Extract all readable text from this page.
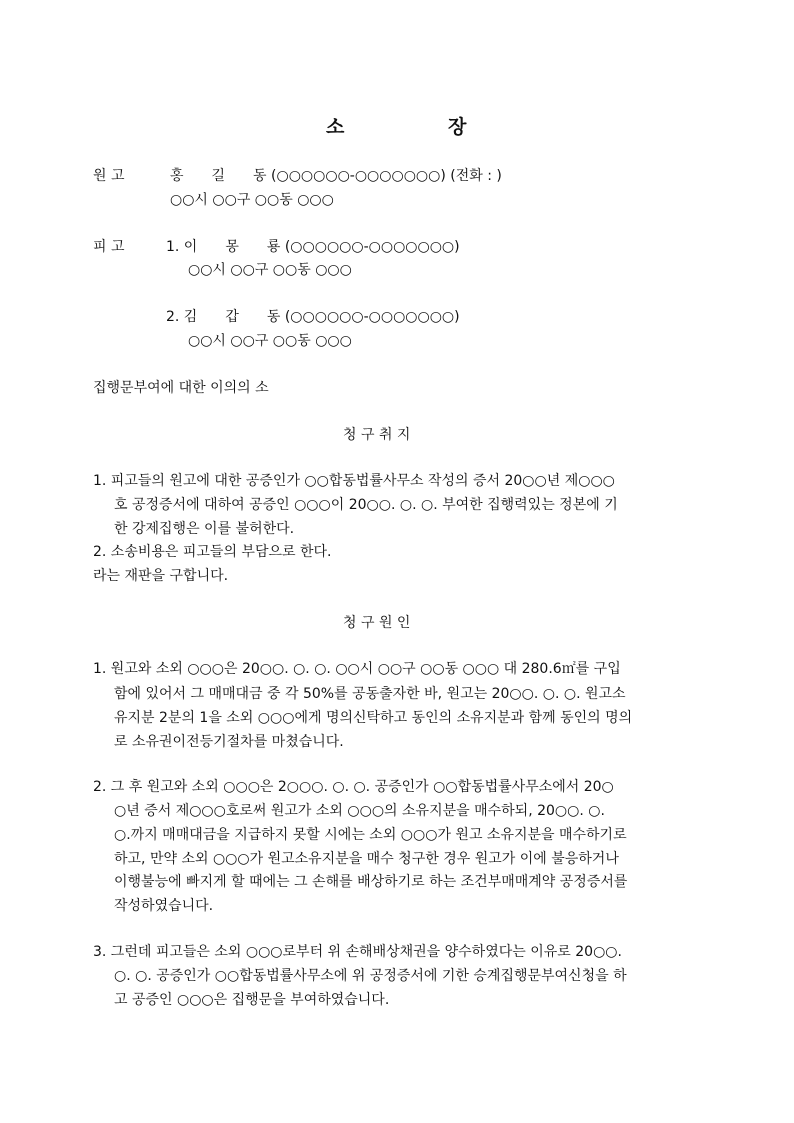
소	장
원 고	홍　　길　　동 (○○○○○○-○○○○○○○) (전화 : )
○○시 ○○구 ○○동 ○○○
피 고	1. 이　　몽　　룡 (○○○○○○-○○○○○○○)
○○시 ○○구 ○○동 ○○○
2. 김　　갑　　동 (○○○○○○-○○○○○○○)
○○시 ○○구 ○○동 ○○○
집행문부여에 대한 이의의 소
청 구 취 지
1. 피고들의 원고에 대한 공증인가 ○○합동법률사무소 작성의 증서 20○○년 제○○○
호 공정증서에 대하여 공증인 ○○○이 20○○. ○. ○. 부여한 집행력있는 정본에 기
한 강제집행은 이를 불허한다.
2. 소송비용은 피고들의 부담으로 한다.
라는 재판을 구합니다.
청 구 원 인
1. 원고와 소외 ○○○은 20○○. ○. ○. ○○시 ○○구 ○○동 ○○○ 대 280.6㎡를 구입
함에 있어서 그 매매대금 중 각 50%를 공동출자한 바, 원고는 20○○. ○. ○. 원고소
유지분 2분의 1을 소외 ○○○에게 명의신탁하고 동인의 소유지분과 함께 동인의 명의
로 소유권이전등기절차를 마쳤습니다.
2. 그 후 원고와 소외 ○○○은 2○○○. ○. ○. 공증인가 ○○합동법률사무소에서 20○
○년 증서 제○○○호로써 원고가 소외 ○○○의 소유지분을 매수하되, 20○○. ○.
○.까지 매매대금을 지급하지 못할 시에는 소외 ○○○가 원고 소유지분을 매수하기로
하고, 만약 소외 ○○○가 원고소유지분을 매수 청구한 경우 원고가 이에 불응하거나
이행불능에 빠지게 할 때에는 그 손해를 배상하기로 하는 조건부매매계약 공정증서를
작성하였습니다.
3. 그런데 피고들은 소외 ○○○로부터 위 손해배상채권을 양수하였다는 이유로 20○○.
○. ○. 공증인가 ○○합동법률사무소에 위 공정증서에 기한 승계집행문부여신청을 하
고 공증인 ○○○은 집행문을 부여하였습니다.
